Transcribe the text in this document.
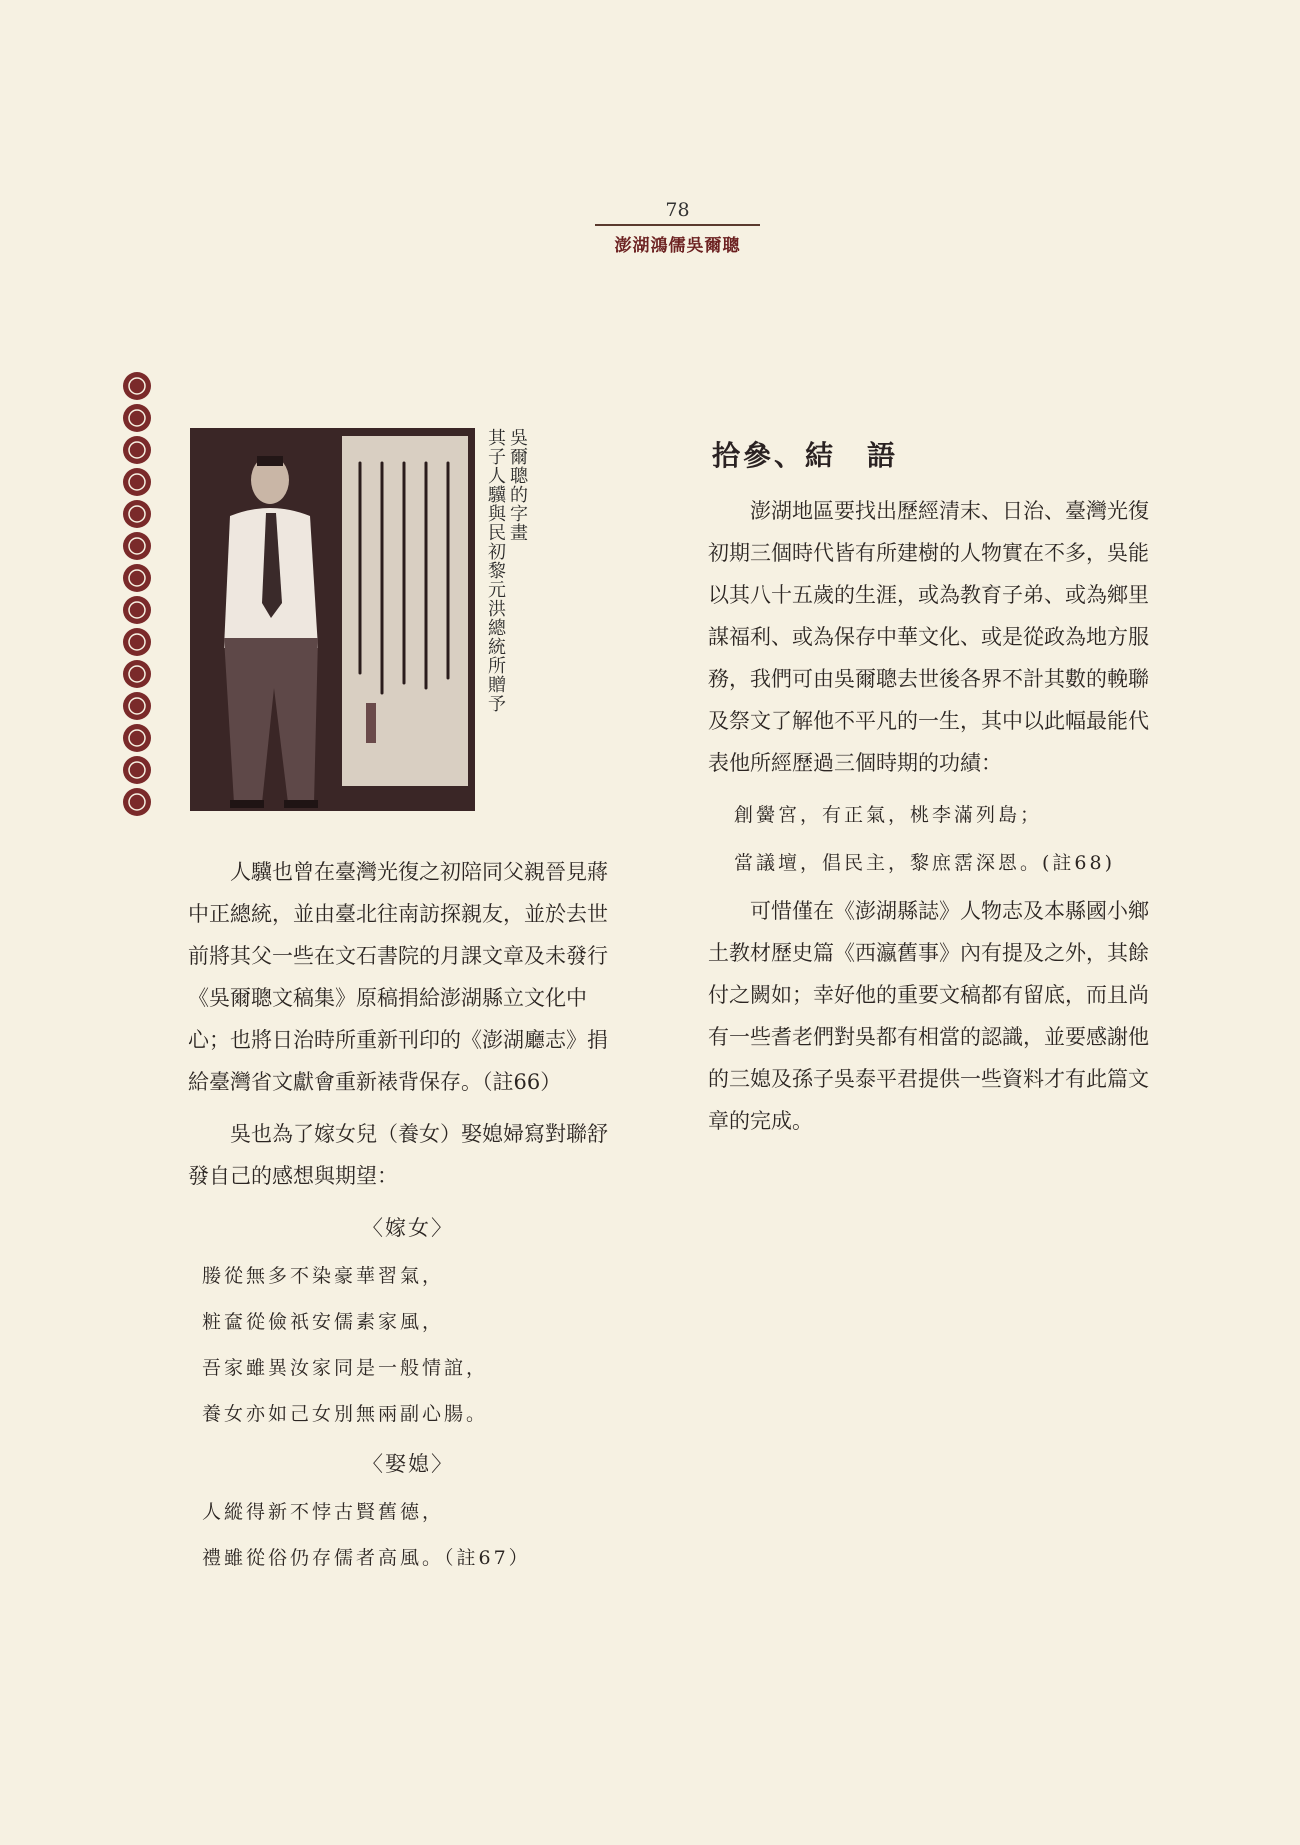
78
澎湖鴻儒吳爾聰
吳爾聰的字畫
其子人驥與民初黎元洪總統所贈予

人驥也曾在臺灣光復之初陪同父親晉見蔣中正總統，並由臺北往南訪探親友，並於去世前將其父一些在文石書院的月課文章及未發行《吳爾聰文稿集》原稿捐給澎湖縣立文化中心；也將日治時所重新刊印的《澎湖廳志》捐給臺灣省文獻會重新裱背保存。（註66）

吳也為了嫁女兒（養女）娶媳婦寫對聯舒發自己的感想與期望：

〈嫁女〉
媵從無多不染豪華習氣，
粧奩從儉祇安儒素家風，
吾家雖異汝家同是一般情誼，
養女亦如己女別無兩副心腸。
〈娶媳〉
人縱得新不悖古賢舊德，
禮雖從俗仍存儒者高風。（註67）
拾參、結　語

澎湖地區要找出歷經清末、日治、臺灣光復初期三個時代皆有所建樹的人物實在不多，吳能以其八十五歲的生涯，或為教育子弟、或為鄉里謀福利、或為保存中華文化、或是從政為地方服務，我們可由吳爾聰去世後各界不計其數的輓聯及祭文了解他不平凡的一生，其中以此幅最能代表他所經歷過三個時期的功績：

創黌宮，有正氣，桃李滿列島；
當議壇，倡民主，黎庶霑深恩。(註68)

可惜僅在《澎湖縣誌》人物志及本縣國小鄉土教材歷史篇《西瀛舊事》內有提及之外，其餘付之闕如；幸好他的重要文稿都有留底，而且尚有一些耆老們對吳都有相當的認識，並要感謝他的三媳及孫子吳泰平君提供一些資料才有此篇文章的完成。
